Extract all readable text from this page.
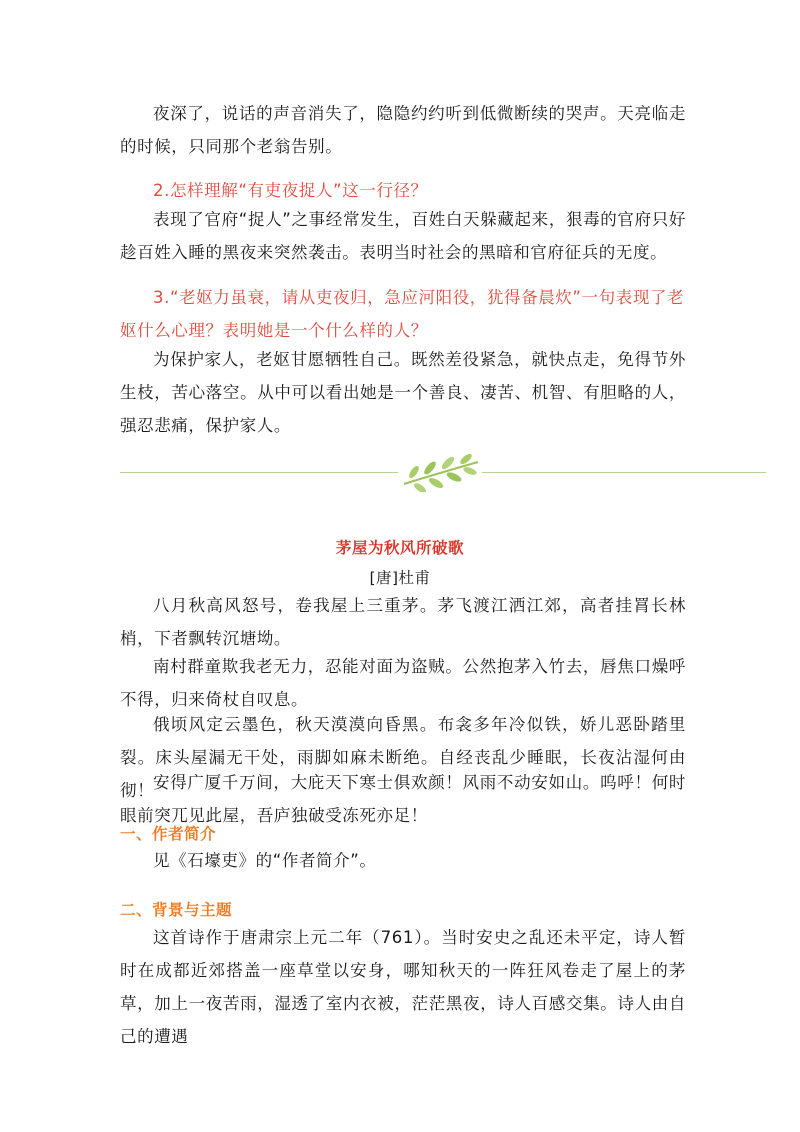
夜深了，说话的声音消失了，隐隐约约听到低微断续的哭声。天亮临走的时候，只同那个老翁告别。

2.怎样理解“有吏夜捉人”这一行径？

表现了官府“捉人”之事经常发生，百姓白天躲藏起来，狠毒的官府只好趁百姓入睡的黑夜来突然袭击。表明当时社会的黑暗和官府征兵的无度。

3.“老妪力虽衰，请从吏夜归，急应河阳役，犹得备晨炊”一句表现了老妪什么心理？表明她是一个什么样的人？

为保护家人，老妪甘愿牺牲自己。既然差役紧急，就快点走，免得节外生枝，苦心落空。从中可以看出她是一个善良、凄苦、机智、有胆略的人，强忍悲痛，保护家人。

茅屋为秋风所破歌
[唐]杜甫

八月秋高风怒号，卷我屋上三重茅。茅飞渡江洒江郊，高者挂罥长林梢，下者飘转沉塘坳。

南村群童欺我老无力，忍能对面为盗贼。公然抱茅入竹去，唇焦口燥呼不得，归来倚杖自叹息。

俄顷风定云墨色，秋天漠漠向昏黑。布衾多年冷似铁，娇儿恶卧踏里裂。床头屋漏无干处，雨脚如麻未断绝。自经丧乱少睡眠，长夜沾湿何由彻！

安得广厦千万间，大庇天下寒士俱欢颜！风雨不动安如山。呜呼！何时眼前突兀见此屋，吾庐独破受冻死亦足！

一、作者简介

见《石壕吏》的“作者简介”。

二、背景与主题

这首诗作于唐肃宗上元二年（761）。当时安史之乱还未平定，诗人暂时在成都近郊搭盖一座草堂以安身，哪知秋天的一阵狂风卷走了屋上的茅草，加上一夜苦雨，湿透了室内衣被，茫茫黑夜，诗人百感交集。诗人由自己的遭遇
